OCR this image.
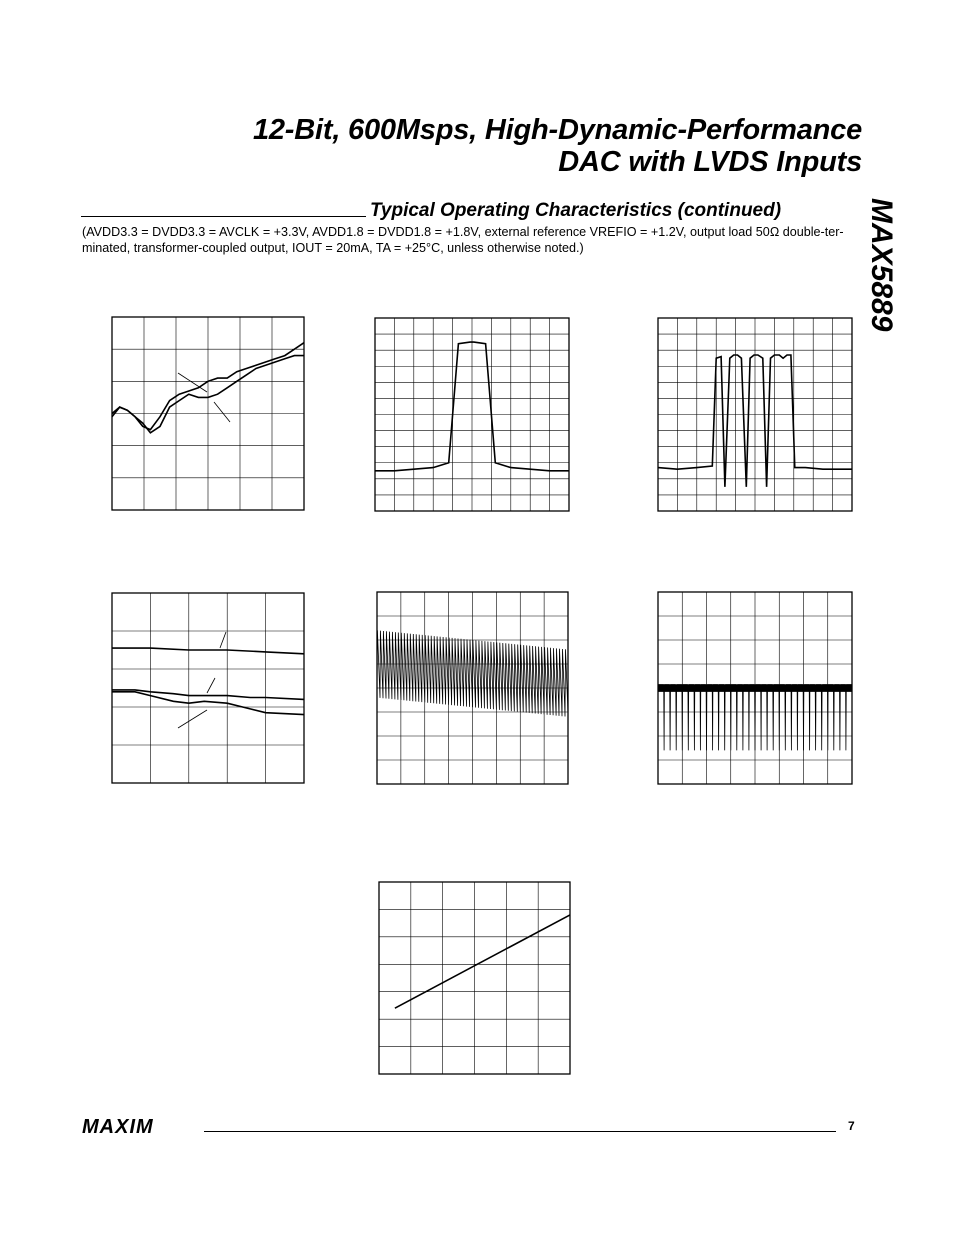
12-Bit, 600Msps, High-Dynamic-Performance
DAC with LVDS Inputs
MAX5889
Typical Operating Characteristics (continued)
(AVDD3.3 = DVDD3.3 = AVCLK = +3.3V, AVDD1.8 = DVDD1.8 = +1.8V, external reference VREFIO = +1.2V, output load 50Ω double-ter-
minated, transformer-coupled output, IOUT = 20mA, TA = +25°C, unless otherwise noted.)
MAXIM	7
